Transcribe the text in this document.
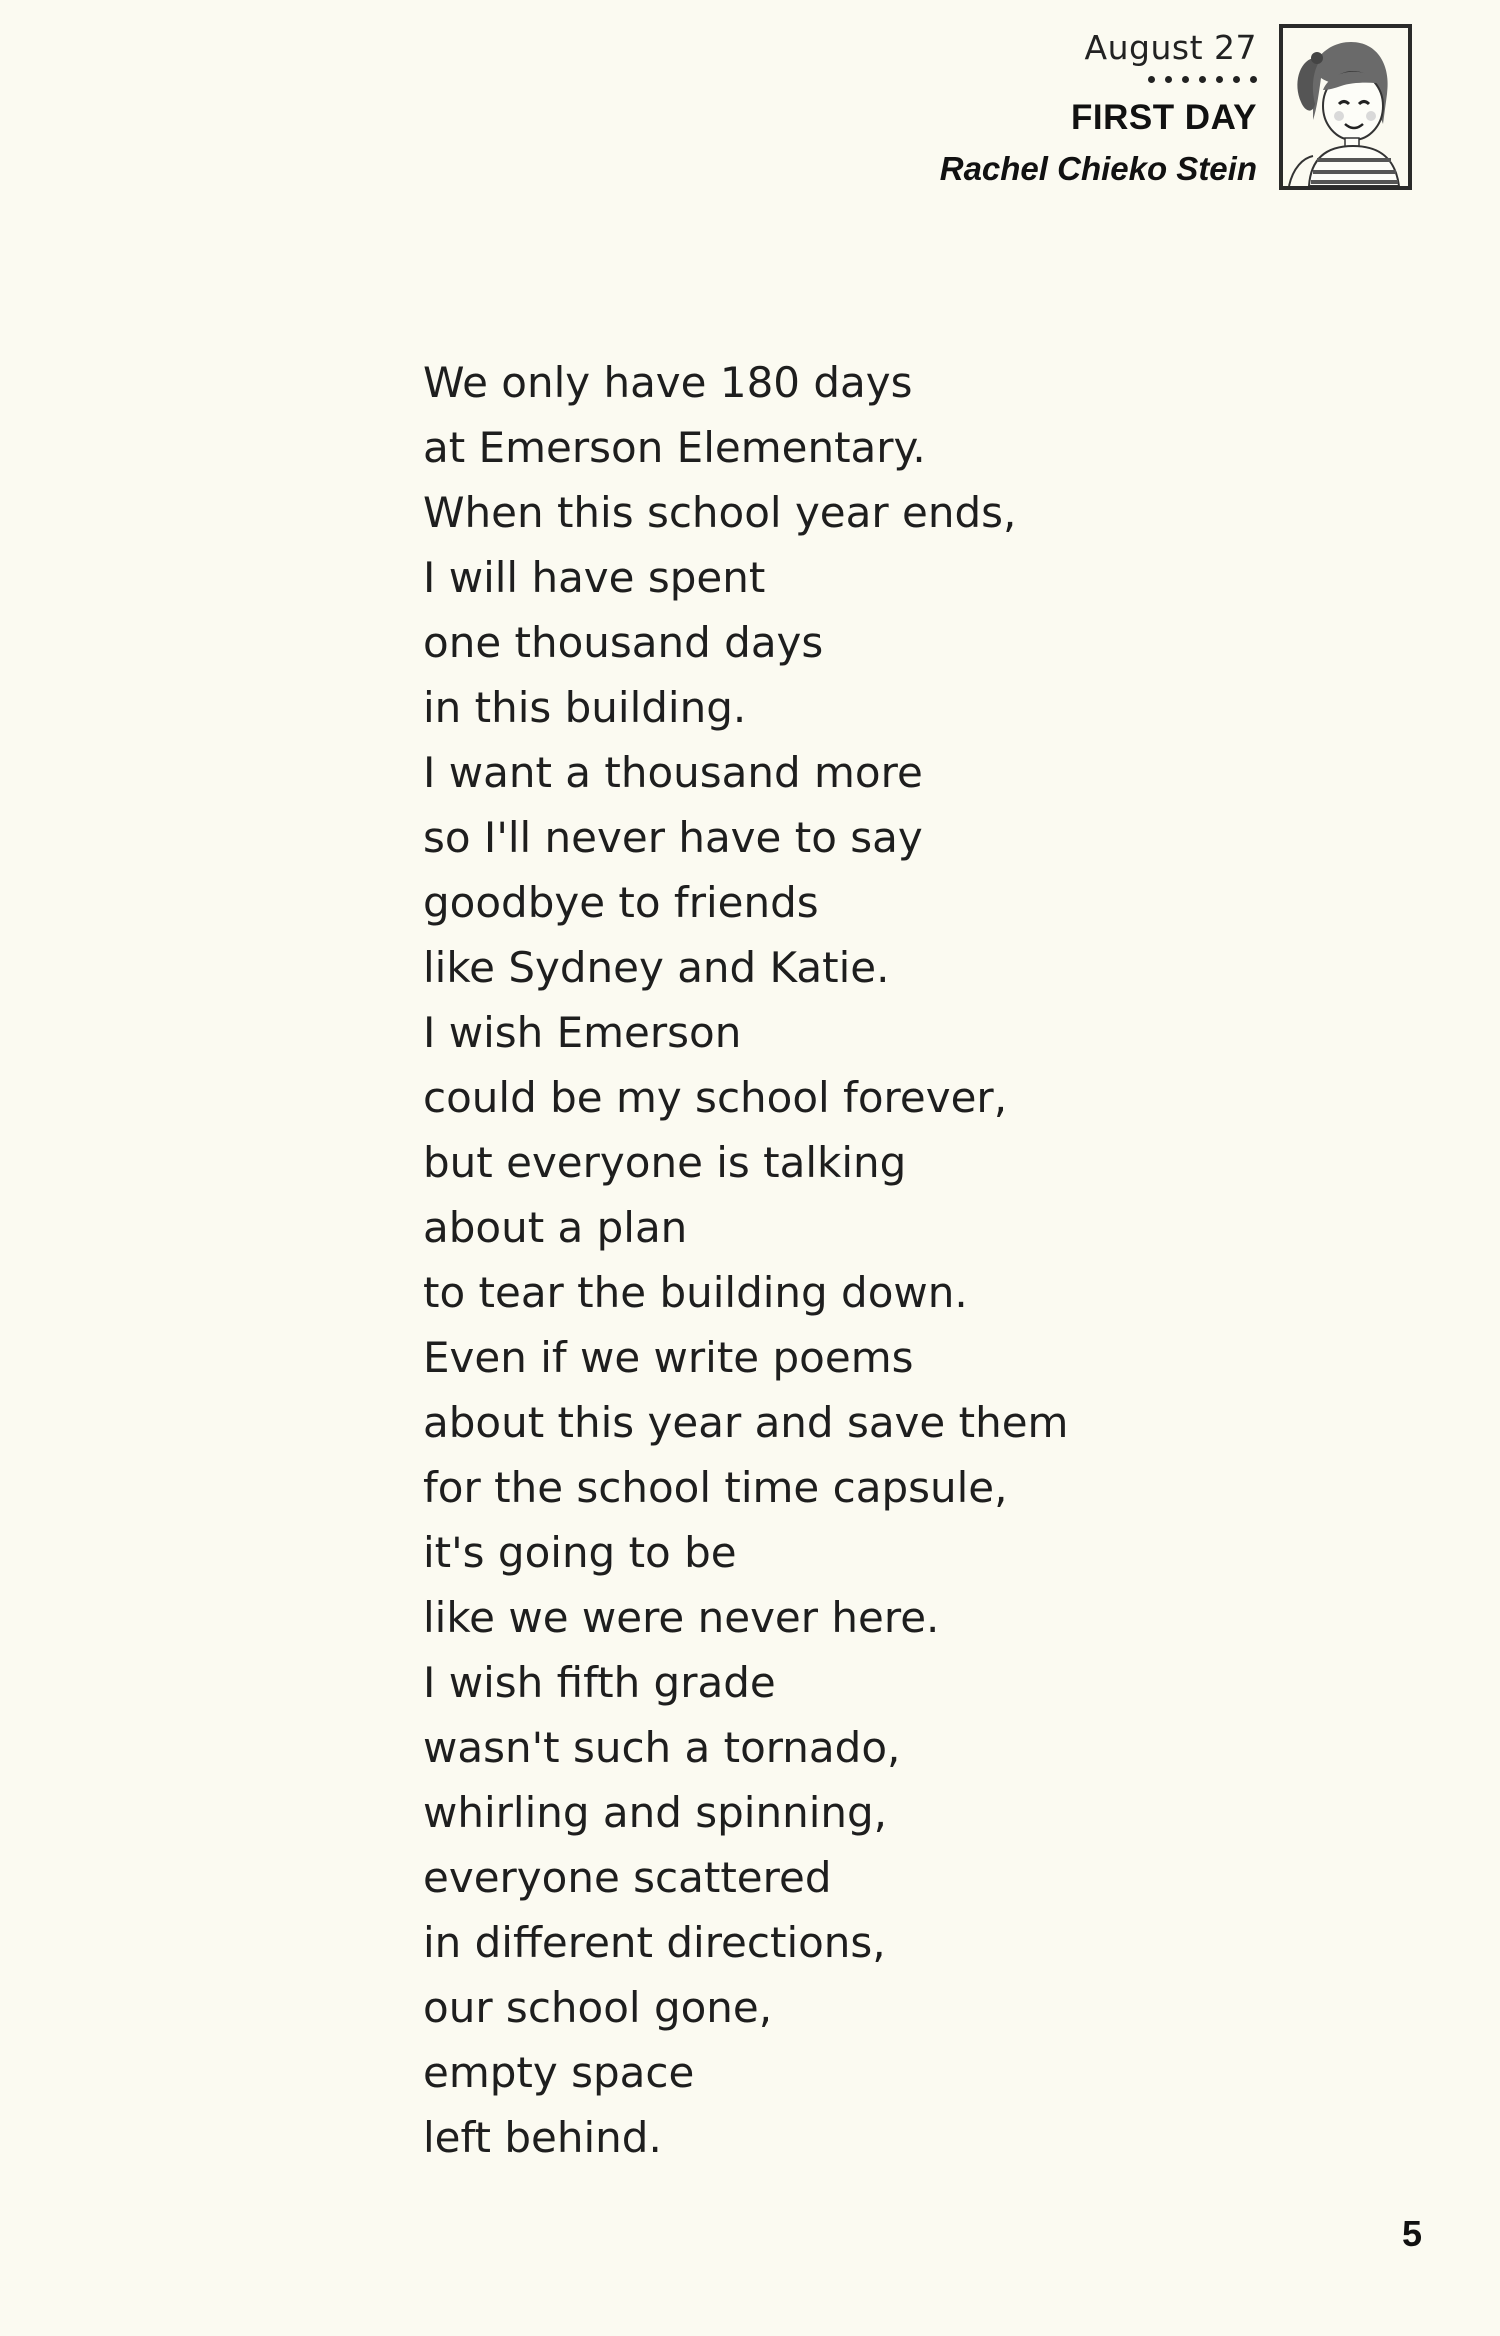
August 27
FIRST DAY
Rachel Chieko Stein
We only have 180 days
at Emerson Elementary.
When this school year ends,
I will have spent
one thousand days
in this building.
I want a thousand more
so I'll never have to say
goodbye to friends
like Sydney and Katie.
I wish Emerson
could be my school forever,
but everyone is talking
about a plan
to tear the building down.
Even if we write poems
about this year and save them
for the school time capsule,
it's going to be
like we were never here.
I wish fifth grade
wasn't such a tornado,
whirling and spinning,
everyone scattered
in different directions,
our school gone,
empty space
left behind.
5
